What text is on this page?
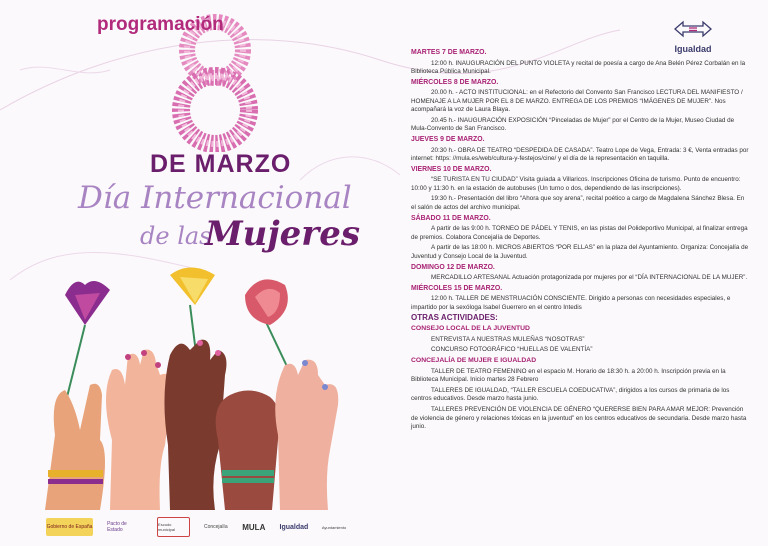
DE MARZO
Día Internacional
de las
Mujeres
Gobierno de España	Pacto de Estado
Escudo municipal	Concejalía MULA Igualdad	Ayuntamiento
programación
Igualdad

MARTES 7 DE MARZO.

12:00 h. INAUGURACIÓN DEL PUNTO VIOLETA y recital de poesía a cargo de Ana Belén Pérez Corbalán en la Biblioteca Pública Municipal.

MIÉRCOLES 8 DE MARZO.

20.00 h. - ACTO INSTITUCIONAL: en el Refectorio del Convento San Francisco LECTURA DEL MANIFIESTO / HOMENAJE A LA MUJER POR EL 8 DE MARZO. ENTREGA DE LOS PREMIOS “IMÁGENES DE MUJER”. Nos acompañará la voz de Laura Blaya.

20.45 h.- INAUGURACIÓN EXPOSICIÓN “Pinceladas de Mujer” por el Centro de la Mujer, Museo Ciudad de Mula-Convento de San Francisco.

JUEVES 9 DE MARZO.

20:30 h.- OBRA DE TEATRO “DESPEDIDA DE CASADA”. Teatro Lope de Vega, Entrada: 3 €, Venta entradas por internet: https: //mula.es/web/cultura-y-festejos/cine/ y el día de la representación en taquilla.

VIERNES 10 DE MARZO.

“SE TURISTA EN TU CIUDAD” Visita guiada a Villaricos. Inscripciones Oficina de turismo. Punto de encuentro: 10:00 y 11:30 h. en la estación de autobuses (Un turno o dos, dependiendo de las inscripciones).

19:30 h.- Presentación del libro “Ahora que soy arena”, recital poético a cargo de Magdalena Sánchez Blesa. En el salón de actos del archivo municipal.

SÁBADO 11 DE MARZO.

A partir de las 9:00 h. TORNEO DE PÁDEL Y TENIS, en las pistas del Polideportivo Municipal, al finalizar entrega de premios. Colabora Concejalía de Deportes.

A partir de las 18:00 h. MICROS ABIERTOS “POR ELLAS” en la plaza del Ayuntamiento. Organiza: Concejalía de Juventud y Consejo Local de la Juventud.

DOMINGO 12 DE MARZO.

MERCADILLO ARTESANAL Actuación protagonizada por mujeres por el “DÍA INTERNACIONAL DE LA MUJER”.

MIÉRCOLES 15 DE MARZO.

12:00 h. TALLER DE MENSTRUACIÓN CONSCIENTE. Dirigido a personas con necesidades especiales, e impartido por la sexóloga Isabel Guerrero en el centro Intedis

OTRAS ACTIVIDADES:

CONSEJO LOCAL DE LA JUVENTUD

ENTREVISTA A NUESTRAS MULEÑAS “NOSOTRAS”

CONCURSO FOTOGRÁFICO “HUELLAS DE VALENTÍA”

CONCEJALÍA DE MUJER E IGUALDAD

TALLER DE TEATRO FEMENINO en el espacio M. Horario de 18:30 h. a 20:00 h. Inscripción previa en la Biblioteca Municipal. Inicio martes 28 Febrero

TALLERES DE IGUALDAD, “TALLER ESCUELA COEDUCATIVA”, dirigidos a los cursos de primaria de los centros educativos. Desde marzo hasta junio.

TALLERES PREVENCIÓN DE VIOLENCIA DE GÉNERO “QUERERSE BIEN PARA AMAR MEJOR: Prevención de violencia de género y relaciones tóxicas en la juventud” en los centros educativos de secundaria. Desde marzo hasta junio.
